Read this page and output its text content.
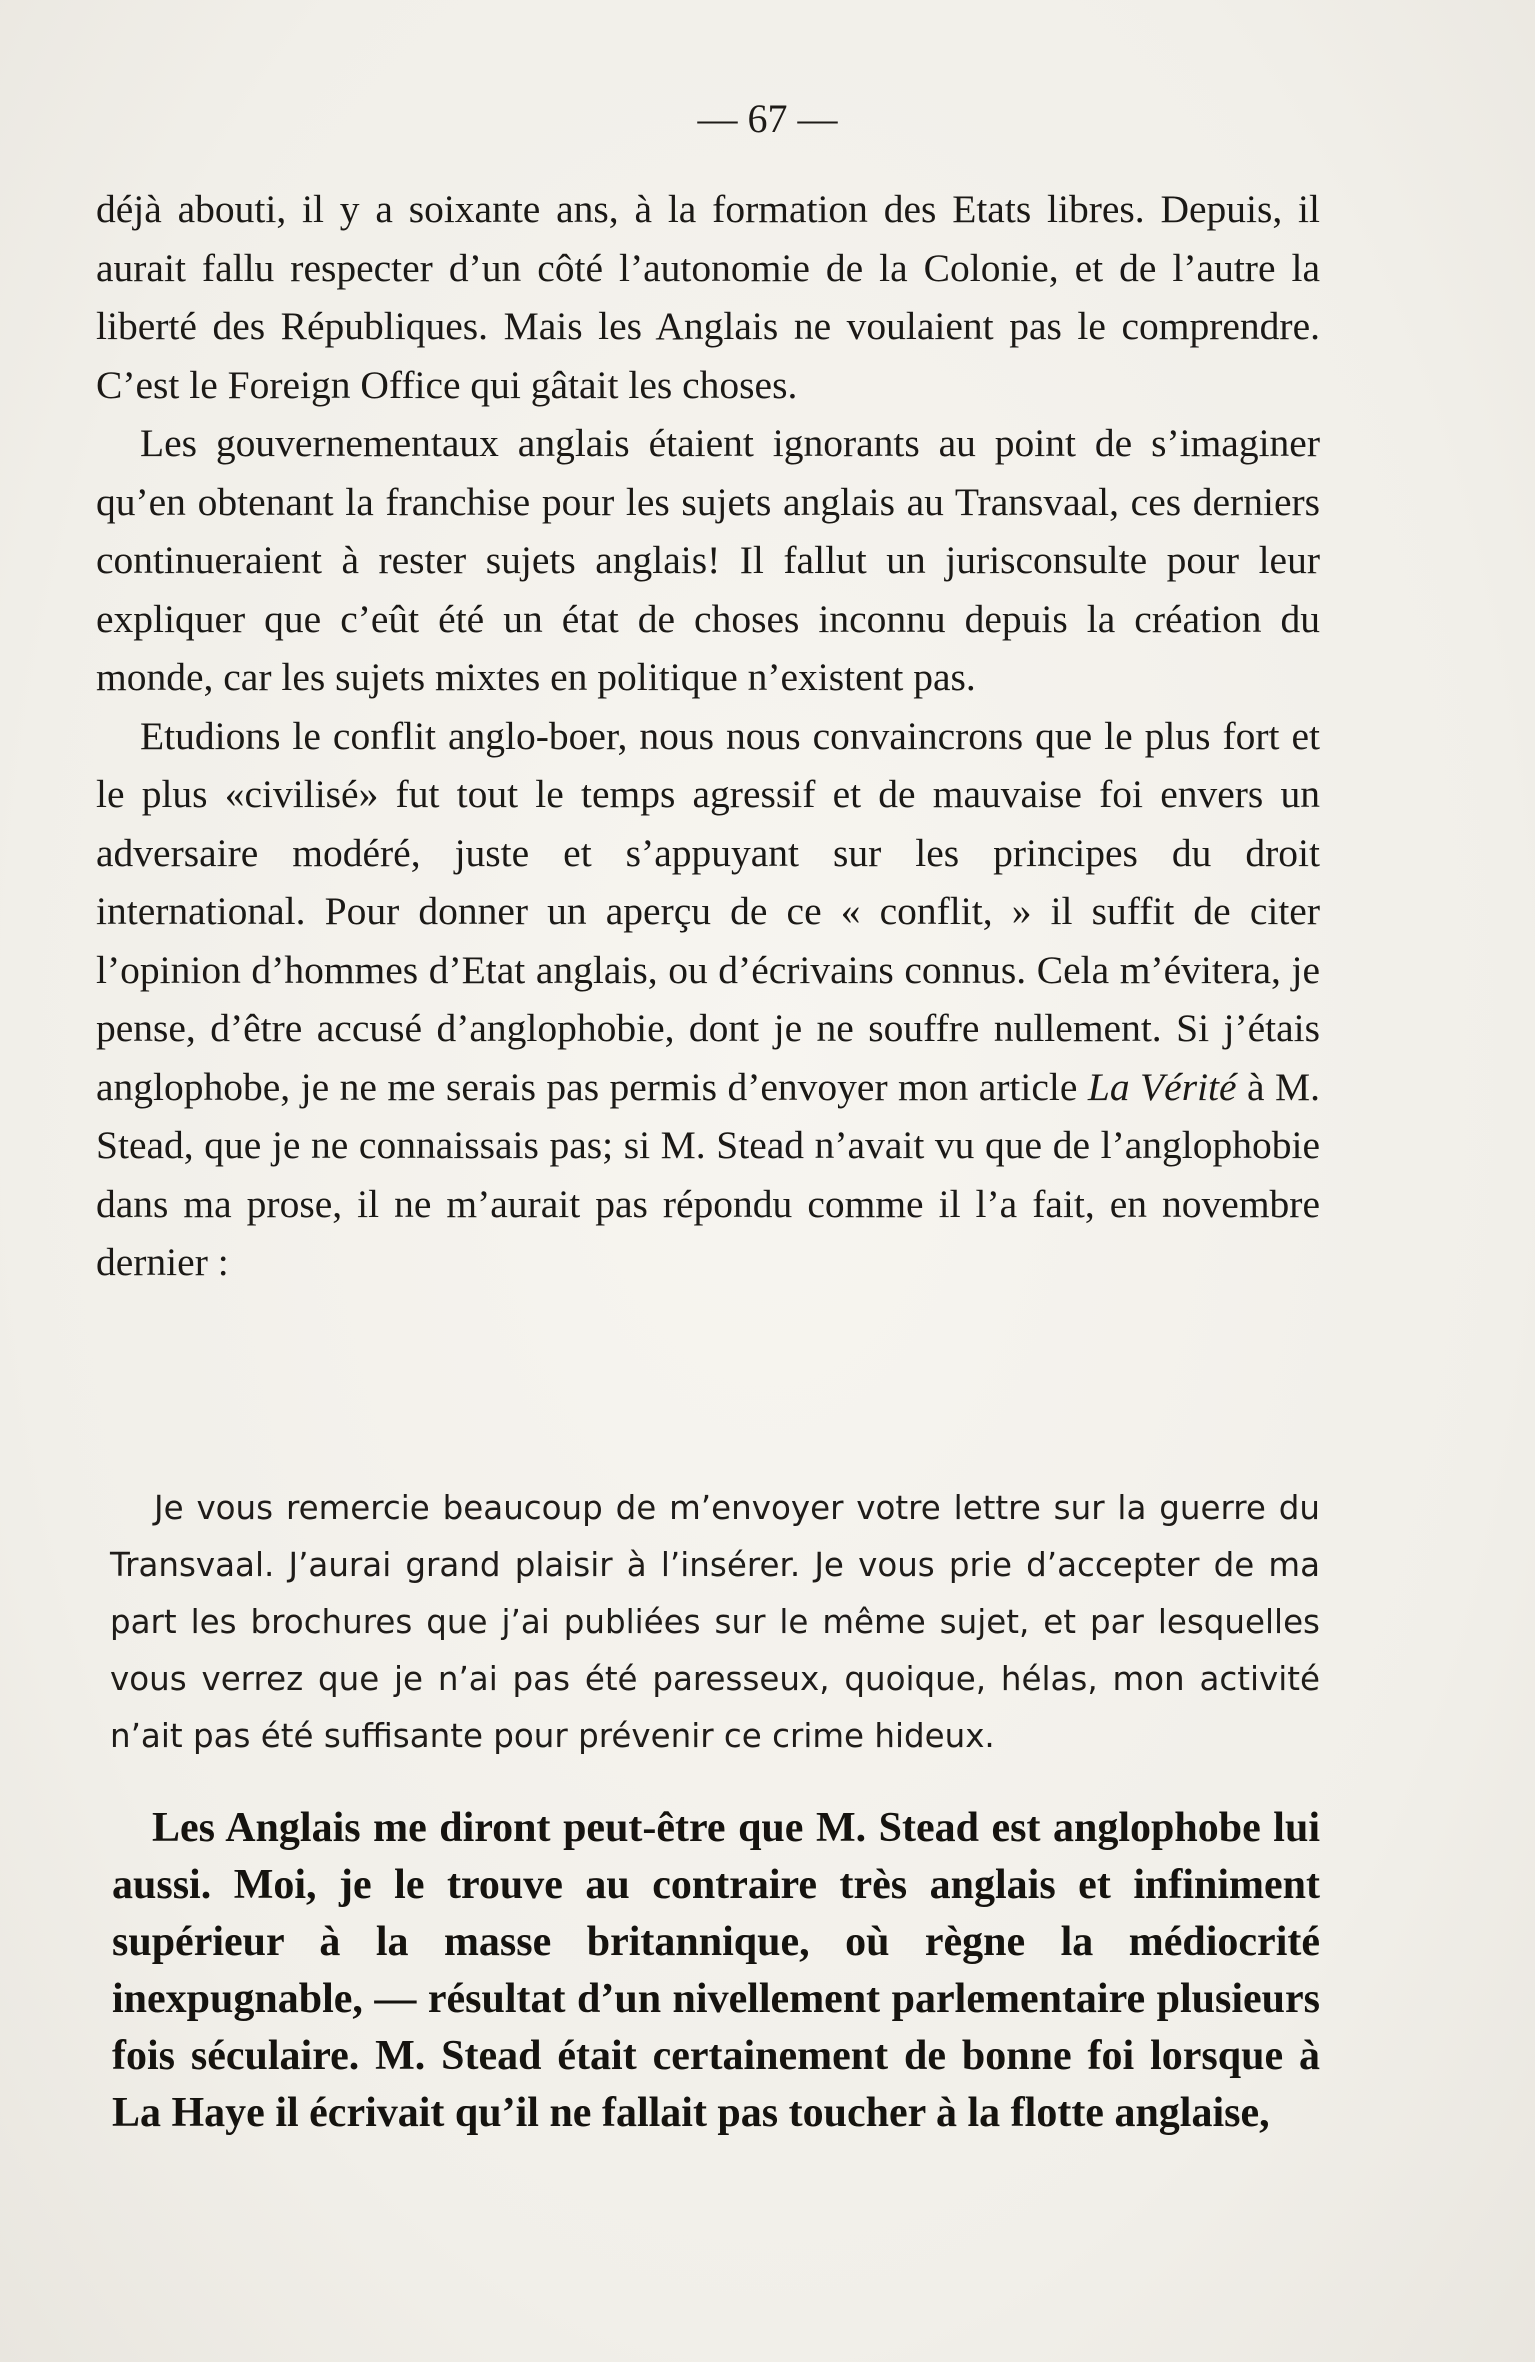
— 67 —

déjà abouti, il y a soixante ans, à la formation des Etats libres. Depuis, il aurait fallu respecter d’un côté l’autonomie de la Colonie, et de l’autre la liberté des Républiques. Mais les Anglais ne voulaient pas le comprendre. C’est le Foreign Office qui gâtait les choses.

Les gouvernementaux anglais étaient ignorants au point de s’imaginer qu’en obtenant la franchise pour les sujets anglais au Transvaal, ces derniers continueraient à rester sujets anglais! Il fallut un jurisconsulte pour leur expliquer que c’eût été un état de choses inconnu depuis la création du monde, car les sujets mixtes en politique n’existent pas.

Etudions le conflit anglo-boer, nous nous convaincrons que le plus fort et le plus «civilisé» fut tout le temps agressif et de mauvaise foi envers un adversaire modéré, juste et s’appuyant sur les principes du droit international. Pour donner un aperçu de ce « conflit, » il suffit de citer l’opinion d’hommes d’Etat anglais, ou d’écrivains connus. Cela m’évitera, je pense, d’être accusé d’anglophobie, dont je ne souffre nullement. Si j’étais anglophobe, je ne me serais pas permis d’envoyer mon article La Vérité à M. Stead, que je ne connaissais pas; si M. Stead n’avait vu que de l’anglophobie dans ma prose, il ne m’aurait pas répondu comme il l’a fait, en novembre dernier :

Je vous remercie beaucoup de m’envoyer votre lettre sur la guerre du Transvaal. J’aurai grand plaisir à l’insérer. Je vous prie d’accepter de ma part les brochures que j’ai publiées sur le même sujet, et par lesquelles vous verrez que je n’ai pas été paresseux, quoique, hélas, mon activité n’ait pas été suffisante pour prévenir ce crime hideux.

Les Anglais me diront peut-être que M. Stead est anglophobe lui aussi. Moi, je le trouve au contraire très anglais et infiniment supérieur à la masse britannique, où règne la médiocrité inexpugnable, — résultat d’un nivellement parlementaire plusieurs fois séculaire. M. Stead était certainement de bonne foi lorsque à La Haye il écrivait qu’il ne fallait pas toucher à la flotte anglaise,
